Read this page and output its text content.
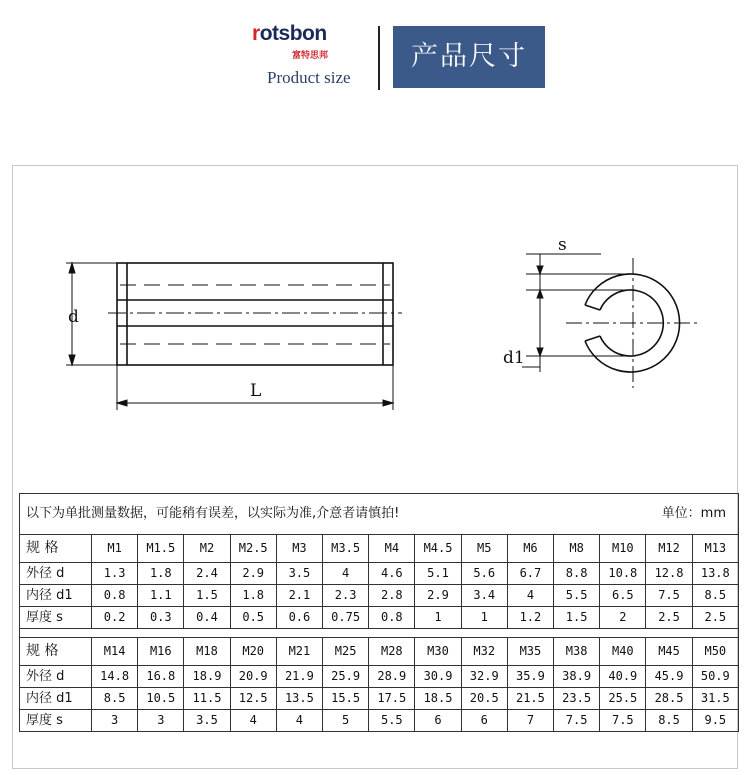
rotsbon
富特思邦
Product size
产品尺寸
d
L
s
d1
以下为单批测量数据，可能稍有误差，以实际为准,介意者请慎拍! 单位：mm														

规 格	M1	M1.5	M2	M2.5	M3	M3.5	M4	M4.5	M5	M6	M8	M10	M12	M13
外径 d	1.3	1.8	2.4	2.9	3.5	4	4.6	5.1	5.6	6.7	8.8	10.8	12.8	13.8
内径 d1	0.8	1.1	1.5	1.8	2.1	2.3	2.8	2.9	3.4	4	5.5	6.5	7.5	8.5
厚度 s	0.2	0.3	0.4	0.5	0.6	0.75	0.8	1	1	1.2	1.5	2	2.5	2.5

规 格	M14	M16	M18	M20	M21	M25	M28	M30	M32	M35	M38	M40	M45	M50
外径 d	14.8	16.8	18.9	20.9	21.9	25.9	28.9	30.9	32.9	35.9	38.9	40.9	45.9	50.9
内径 d1	8.5	10.5	11.5	12.5	13.5	15.5	17.5	18.5	20.5	21.5	23.5	25.5	28.5	31.5
厚度 s	3	3	3.5	4	4	5	5.5	6	6	7	7.5	7.5	8.5	9.5
